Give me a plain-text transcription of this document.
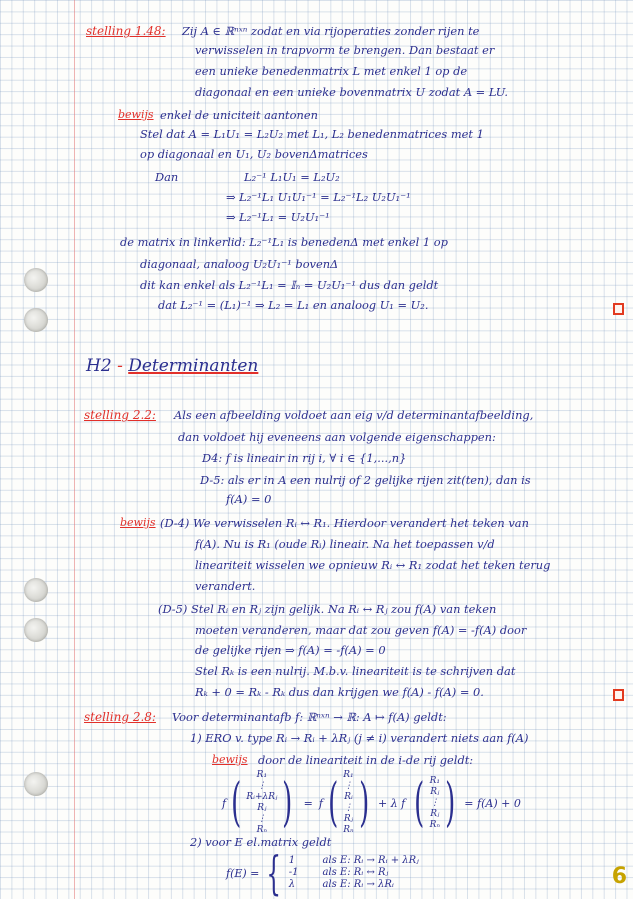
stelling 1.48: Zij A ∈ ℝⁿˣⁿ zodat en via rijoperaties zonder rijen te
verwisselen in trapvorm te brengen. Dan bestaat er
een unieke benedenmatrix L met enkel 1 op de
diagonaal en een unieke bovenmatrix U zodat A = LU.
bewijs enkel de uniciteit aantonen
Stel dat A = L₁U₁ = L₂U₂ met L₁, L₂ benedenmatrices met 1
op diagonaal en U₁, U₂ bovenΔmatrices
Dan	L₂⁻¹ L₁U₁ = L₂U₂
⇒ L₂⁻¹L₁ U₁U₁⁻¹ = L₂⁻¹L₂ U₂U₁⁻¹
⇒ L₂⁻¹L₁ = U₂U₁⁻¹
de matrix in linkerlid: L₂⁻¹L₁ is benedenΔ met enkel 1 op
diagonaal, analoog U₂U₁⁻¹ bovenΔ
dit kan enkel als L₂⁻¹L₁ = 𝕀ₙ = U₂U₁⁻¹ dus dan geldt
dat L₂⁻¹ = (L₁)⁻¹ ⇒ L₂ = L₁ en analoog U₁ = U₂.
H2 - Determinanten
stelling 2.2: Als een afbeelding voldoet aan eig v/d determinantafbeelding,
dan voldoet hij eveneens aan volgende eigenschappen:
D4: f is lineair in rij i, ∀ i ∈ {1,...,n}
D-5: als er in A een nulrij of 2 gelijke rijen zit(ten), dan is
f(A) = 0
bewijs (D-4) We verwisselen Rᵢ ↔ R₁. Hierdoor verandert het teken van
f(A). Nu is R₁ (oude Rᵢ) lineair. Na het toepassen v/d
lineariteit wisselen we opnieuw Rᵢ ↔ R₁ zodat het teken terug
verandert.
(D-5) Stel Rᵢ en Rⱼ zijn gelijk. Na Rᵢ ↔ Rⱼ zou f(A) van teken
moeten veranderen, maar dat zou geven f(A) = -f(A) door
de gelijke rijen ⇒ f(A) = -f(A) = 0
Stel Rₖ is een nulrij. M.b.v. lineariteit is te schrijven dat
Rₖ + 0 = Rₖ - Rₖ dus dan krijgen we f(A) - f(A) = 0.
stelling 2.8: Voor determinantafb f: ℝⁿˣⁿ → ℝ: A ↦ f(A) geldt:
1) ERO v. type Rᵢ → Rᵢ + λRⱼ (j ≠ i) verandert niets aan f(A)
bewijs door de lineariteit in de i-de rij geldt:
f ( R₁
⋮
Rᵢ+λRⱼ
Rⱼ
⋮
Rₙ ) = f ( R₁
⋮
Rᵢ
⋮
Rⱼ
Rₙ ) + λ f ( R₁
Rⱼ
⋮
Rⱼ
Rₙ ) = f(A) + 0
2) voor E el.matrix geldt
f(E) = { 1
-1
λ
als E: Rᵢ → Rᵢ + λRⱼ
als E: Rᵢ ↔ Rⱼ
als E: Rᵢ → λRᵢ	6
